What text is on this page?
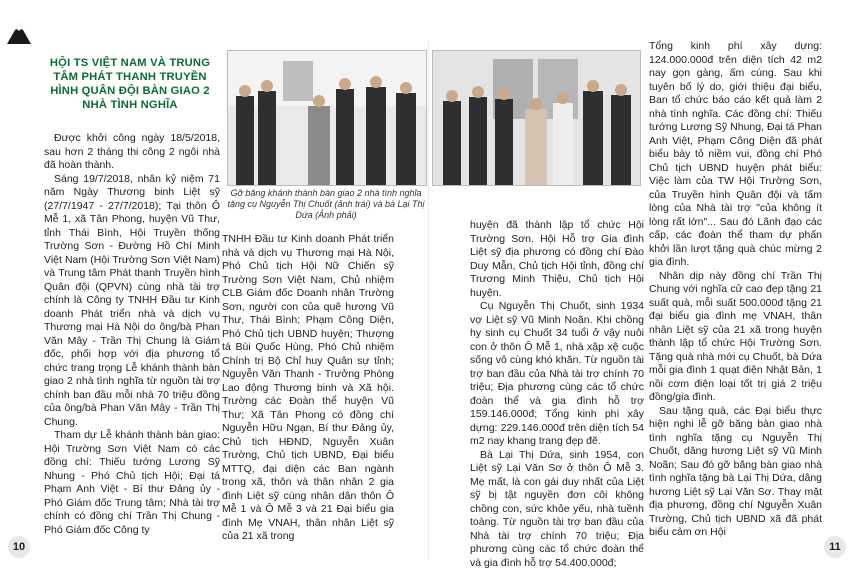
HỘI TS VIỆT NAM VÀ TRUNG TÂM PHÁT THANH TRUYỀN HÌNH QUÂN ĐỘI BÀN GIAO 2 NHÀ TÌNH NGHĨA

Được khởi công ngày 18/5/2018, sau hơn 2 tháng thi công 2 ngôi nhà đã hoàn thành.

Sáng 19/7/2018, nhân kỷ niệm 71 năm Ngày Thương binh Liệt sỹ (27/7/1947 - 27/7/2018); Tại thôn Ô Mễ 1, xã Tân Phong, huyện Vũ Thư, tỉnh Thái Bình, Hội Truyền thống Trường Sơn - Đường Hồ Chí Minh Việt Nam (Hội Trường Sơn Việt Nam) và Trung tâm Phát thanh Truyền hình Quân đội (QPVN) cùng nhà tài trợ chính là Công ty TNHH Đầu tư Kinh doanh Phát triển nhà và dịch vụ Thương mại Hà Nội do ông/bà Phan Văn Mây - Trần Thị Chung là Giám đốc, phối hợp với địa phương tổ chức trang trọng Lễ khánh thành bàn giao 2 nhà tình nghĩa từ nguồn tài trợ chính ban đầu mỗi nhà 70 triệu đồng của ông/bà Phan Văn Mây - Trần Thị Chung.

Tham dự Lễ khánh thành bàn giao: Hội Trường Sơn Việt Nam có các đồng chí: Thiếu tướng Lương Sỹ Nhung - Phó Chủ tịch Hội; Đại tá Phạm Anh Việt - Bí thư Đảng ủy - Phó Giám đốc Trung tâm; Nhà tài trợ chính có đồng chí Trần Thị Chung - Phó Giám đốc Công ty

Gỡ băng khánh thành bàn giao 2 nhà tình nghĩa tặng cụ Nguyễn Thị Chuốt (ảnh trái) và bà Lại Thị Dứa (Ảnh phải)

TNHH Đầu tư Kinh doanh Phát triển nhà và dịch vụ Thương mại Hà Nội, Phó Chủ tịch Hội Nữ Chiến sỹ Trường Sơn Việt Nam, Chủ nhiệm CLB Giám đốc Doanh nhân Trường Sơn, người con của quê hương Vũ Thư, Thái Bình; Phạm Công Diện, Phó Chủ tịch UBND huyện; Thượng tá Bùi Quốc Hùng, Phó Chủ nhiệm Chính trị Bộ Chỉ huy Quân sự tỉnh; Nguyễn Văn Thanh - Trưởng Phòng Lao động Thương binh và Xã hội. Trường các Đoàn thể huyện Vũ Thư; Xã Tân Phong có đồng chí Nguyễn Hữu Ngạn, Bí thư Đảng ủy, Chủ tịch HĐND, Nguyễn Xuân Trường, Chủ tịch UBND, Đại biểu MTTQ, đại diện các Ban ngành trong xã, thôn và thân nhân 2 gia đình Liệt sỹ cùng nhân dân thôn Ô Mễ 1 và Ô Mễ 3 và 21 Đại biểu gia đình Mẹ VNAH, thân nhân Liệt sỹ của 21 xã trong

huyện đã thành lập tổ chức Hội Trường Sơn. Hội Hỗ trợ Gia đình Liệt sỹ địa phương có đồng chí Đào Duy Mẫn, Chủ tịch Hội tỉnh, đồng chí Trương Minh Thiệu, Chủ tịch Hội huyện.

Cụ Nguyễn Thị Chuốt, sinh 1934 vợ Liệt sỹ Vũ Minh Noãn. Khi chồng hy sinh cụ Chuốt 34 tuổi ở vậy nuôi con ở thôn Ô Mễ 1, nhà xập xệ cuộc sống vô cùng khó khăn. Từ nguồn tài trợ ban đầu của Nhà tài trợ chính 70 triệu; Địa phương cùng các tổ chức đoàn thể và gia đình hỗ trợ 159.146.000đ; Tổng kinh phí xây dựng: 229.146.000đ trên diện tích 54 m2 nay khang trang đẹp đẽ.

Bà Lại Thị Dứa, sinh 1954, con Liệt sỹ Lại Văn Sơ ở thôn Ô Mễ 3. Mẹ mất, là con gái duy nhất của Liệt sỹ bị tật nguyền đơn côi không chồng con, sức khỏe yếu, nhà tuềnh toàng. Từ nguồn tài trợ ban đầu của Nhà tài trợ chính 70 triệu; Địa phương cùng các tổ chức đoàn thể và gia đình hỗ trợ 54.400.000đ;

Tổng kinh phí xây dựng: 124.000.000đ trên diện tích 42 m2 nay gọn gàng, ấm cúng. Sau khi tuyên bố lý do, giới thiệu đại biểu, Ban tổ chức báo cáo kết quả làm 2 nhà tình nghĩa. Các đồng chí: Thiếu tướng Lương Sỹ Nhung, Đại tá Phan Anh Việt, Phạm Công Diện đã phát biểu bày tỏ niềm vui, đồng chí Phó Chủ tịch UBND huyện phát biểu: Việc làm của TW Hội Trường Sơn, của Truyền hình Quân đội và tấm lòng của Nhà tài trợ "của không ít lòng rất lớn"... Sau đó Lãnh đạo các cấp, các đoàn thể tham dự phấn khởi lần lượt tặng quà chúc mừng 2 gia đình.

Nhân dịp này đồng chí Trần Thị Chung với nghĩa cử cao đẹp tặng 21 suất quà, mỗi suất 500.000đ tặng 21 đại biểu gia đình mẹ VNAH, thân nhân Liệt sỹ của 21 xã trong huyện thành lập tổ chức Hội Trường Sơn. Tặng quà nhà mới cụ Chuốt, bà Dứa mỗi gia đình 1 quạt điện Nhật Bản, 1 nồi cơm điện loại tốt trị giá 2 triệu đồng/gia đình.

Sau tặng quà, các Đại biểu thực hiện nghi lễ gỡ băng bàn giao nhà tình nghĩa tặng cụ Nguyễn Thị Chuốt, dâng hương Liệt sỹ Vũ Minh Noãn; Sau đó gỡ băng bàn giao nhà tình nghĩa tặng bà Lại Thị Dứa, dâng hương Liệt sỹ Lại Văn Sơ. Thay mặt địa phương, đồng chí Nguyễn Xuân Trường, Chủ tịch UBND xã đã phát biểu cảm ơn Hội

10	11
